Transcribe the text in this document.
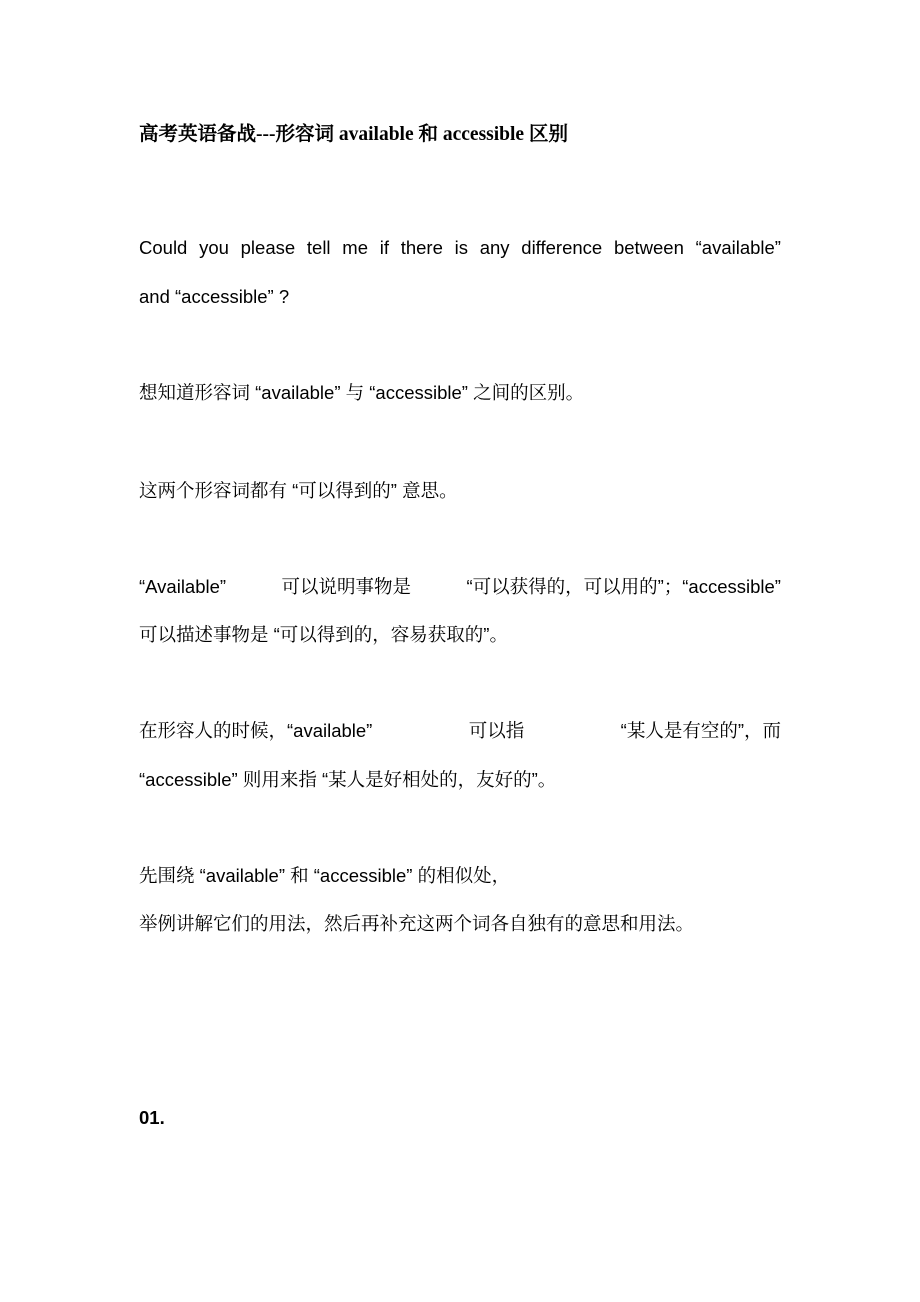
高考英语备战---形容词 available 和 accessible 区别
Could you please tell me if there is any difference between “available”
and “accessible” ?
想知道形容词 “available” 与 “accessible” 之间的区别。
这两个形容词都有 “可以得到的” 意思。
“Available”	可以说明事物是	“可以获得的，可以用的”；“accessible”
可以描述事物是 “可以得到的，容易获取的”。
在形容人的时候，“available”	可以指	“某人是有空的”，而
“accessible” 则用来指 “某人是好相处的，友好的”。
先围绕 “available” 和 “accessible” 的相似处，
举例讲解它们的用法，然后再补充这两个词各自独有的意思和用法。
01.
